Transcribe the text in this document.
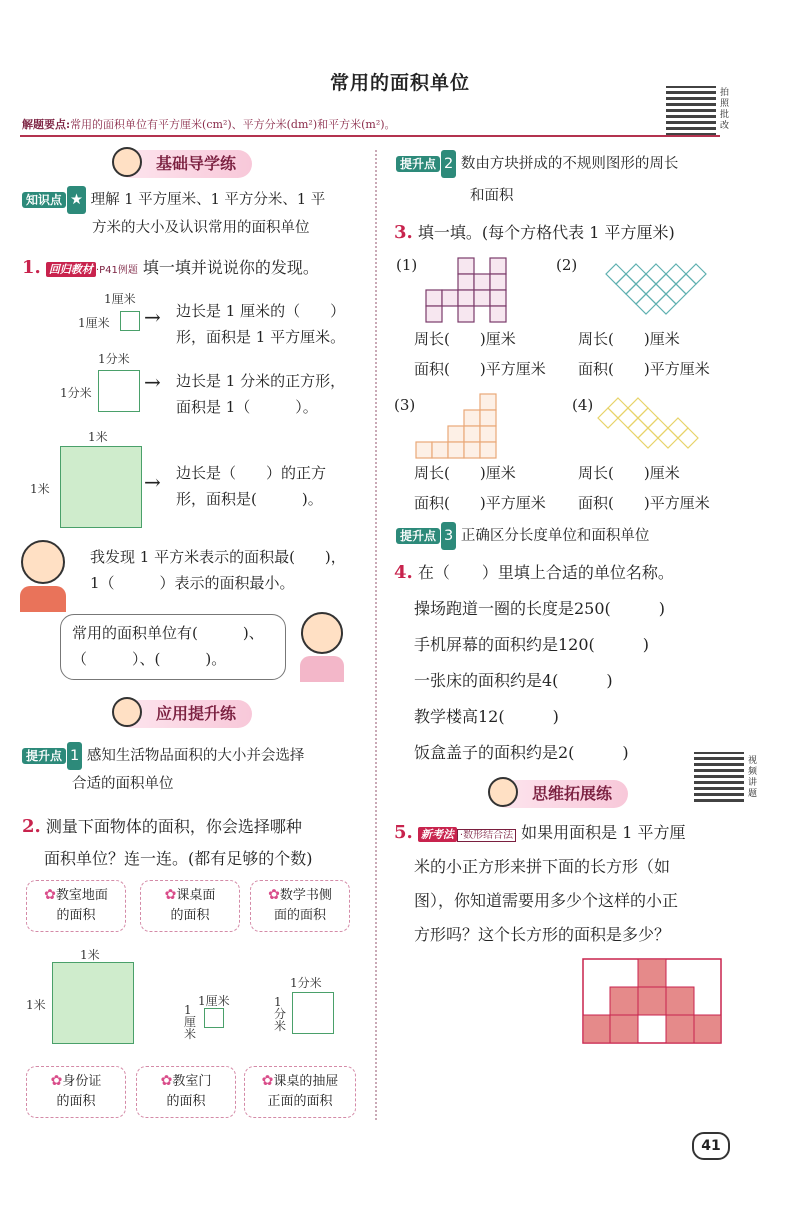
常用的面积单位	拍照批改
解题要点:常用的面积单位有平方厘米(cm²)、平方分米(dm²)和平方米(m²)。
基础导学练
知识点 ★ 理解 1 平方厘米、1 平方分米、1 平
方米的大小及认识常用的面积单位
1. 回归教材 ·P41例题 填一填并说说你的发现。
1厘米
1厘米 → 边长是 1 厘米的（　　）
形，面积是 1 平方厘米。
1分米
1分米	→ 边长是 1 分米的正方形，
面积是 1（　　　）。
1米
1米	→ 边长是（　　）的正方
形，面积是(　　　)。
我发现 1 平方米表示的面积最(　　)，
1（　　　）表示的面积最小。
常用的面积单位有(　　　)、
（　　　）、(　　　)。
应用提升练
提升点 1 感知生活物品面积的大小并会选择
合适的面积单位
2. 测量下面物体的面积，你会选择哪种
面积单位？连一连。(都有足够的个数)
✿教室地面
的面积
✿课桌面
的面积
✿数学书侧
面的面积
1米
1米	1厘米
1厘米
1分米
1分米
✿身份证
的面积
✿教室门
的面积
✿课桌的抽屉
正面的面积
提升点 2 数由方块拼成的不规则图形的周长
和面积
3. 填一填。(每个方格代表 1 平方厘米)
(1)	(2)
周长(　　)厘米	周长(　　)厘米
面积(　　)平方厘米 面积(　　)平方厘米
(3)	(4)
周长(　　)厘米	周长(　　)厘米
面积(　　)平方厘米 面积(　　)平方厘米
提升点 3 正确区分长度单位和面积单位
4. 在（　　）里填上合适的单位名称。
操场跑道一圈的长度是250(　　　)
手机屏幕的面积约是120(　　　)
一张床的面积约是4(　　　)
教学楼高12(　　　)
饭盒盖子的面积约是2(　　　)	视频讲题
思维拓展练
5. 新考法 ·数形结合法 如果用面积是 1 平方厘
米的小正方形来拼下面的长方形（如
图），你知道需要用多少个这样的小正
方形吗？这个长方形的面积是多少？
41
